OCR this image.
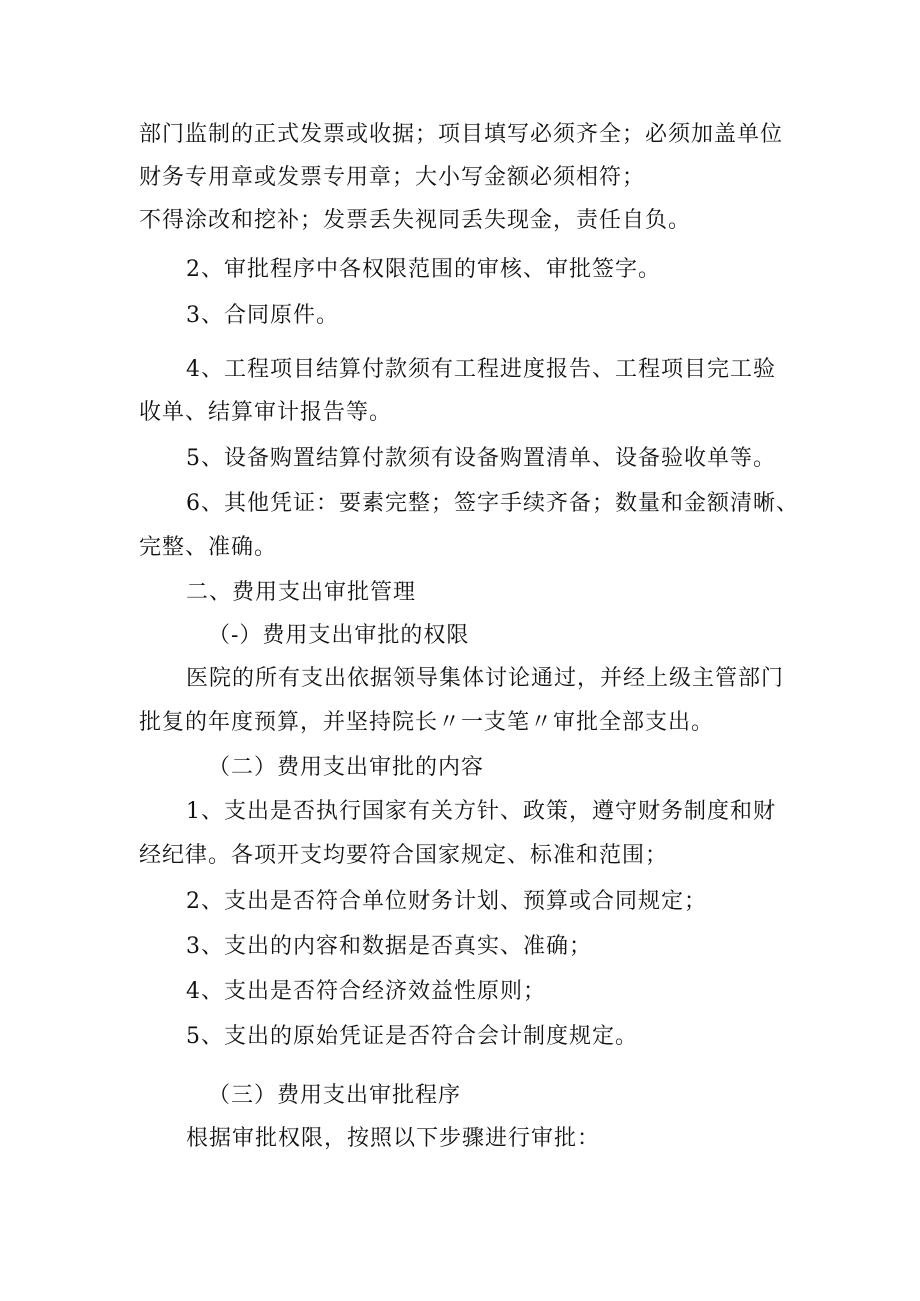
部门监制的正式发票或收据；项目填写必须齐全；必须加盖单位
财务专用章或发票专用章；大小写金额必须相符；
不得涂改和挖补；发票丢失视同丢失现金，责任自负。
2、审批程序中各权限范围的审核、审批签字。
3、合同原件。
4、工程项目结算付款须有工程进度报告、工程项目完工验
收单、结算审计报告等。
5、设备购置结算付款须有设备购置清单、设备验收单等。
6、其他凭证：要素完整；签字手续齐备；数量和金额清晰、
完整、准确。
二、费用支出审批管理
（-）费用支出审批的权限
医院的所有支出依据领导集体讨论通过，并经上级主管部门
批复的年度预算，并坚持院长〃一支笔〃审批全部支出。
（二）费用支出审批的内容
1、支出是否执行国家有关方针、政策，遵守财务制度和财
经纪律。各项开支均要符合国家规定、标准和范围；
2、支出是否符合单位财务计划、预算或合同规定；
3、支出的内容和数据是否真实、准确；
4、支出是否符合经济效益性原则；
5、支出的原始凭证是否符合会计制度规定。
（三）费用支出审批程序
根据审批权限，按照以下步骤进行审批：
